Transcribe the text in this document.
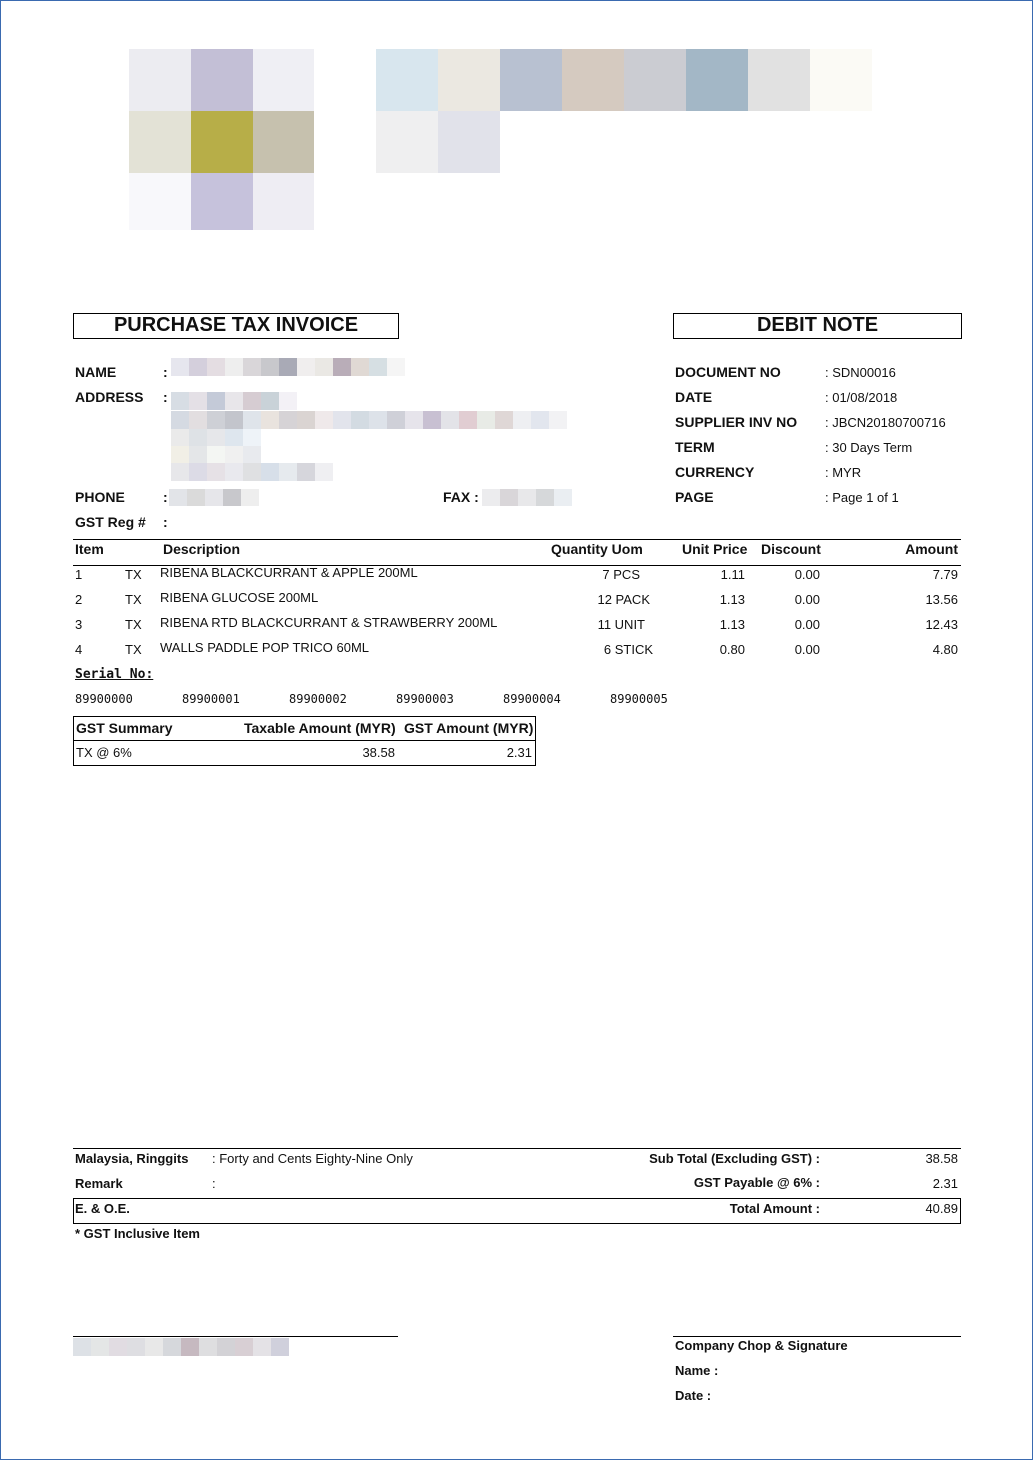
PURCHASE TAX INVOICE	DEBIT NOTE
NAME	:
ADDRESS :
PHONE	:	FAX :
GST Reg # :
DOCUMENT NO	: SDN00016
DATE	: 01/08/2018
SUPPLIER INV NO : JBCN20180700716
TERM	: 30 Days Term
CURRENCY	: MYR
PAGE	: Page 1 of 1
Item	Description	Quantity Uom	Unit Price Discount	Amount
1	TX RIBENA BLACKCURRANT & APPLE 200ML	7 PCS	1.11	0.00	7.79
2	TX RIBENA GLUCOSE 200ML	12 PACK	1.13	0.00	13.56
3	TX RIBENA RTD BLACKCURRANT & STRAWBERRY 200ML	11 UNIT	1.13	0.00	12.43
4	TX WALLS PADDLE POP TRICO 60ML	6 STICK	0.80	0.00	4.80
Serial No:
89900000	89900001	89900002	89900003	89900004	89900005
GST Summary	Taxable Amount (MYR) GST Amount (MYR)
TX @ 6%	38.58	2.31
Malaysia, Ringgits : Forty and Cents Eighty-Nine Only	Sub Total (Excluding GST) :	38.58
Remark	:	GST Payable @ 6% :	2.31
E. & O.E.	Total Amount :	40.89
* GST Inclusive Item
Company Chop & Signature
Name :
Date :
